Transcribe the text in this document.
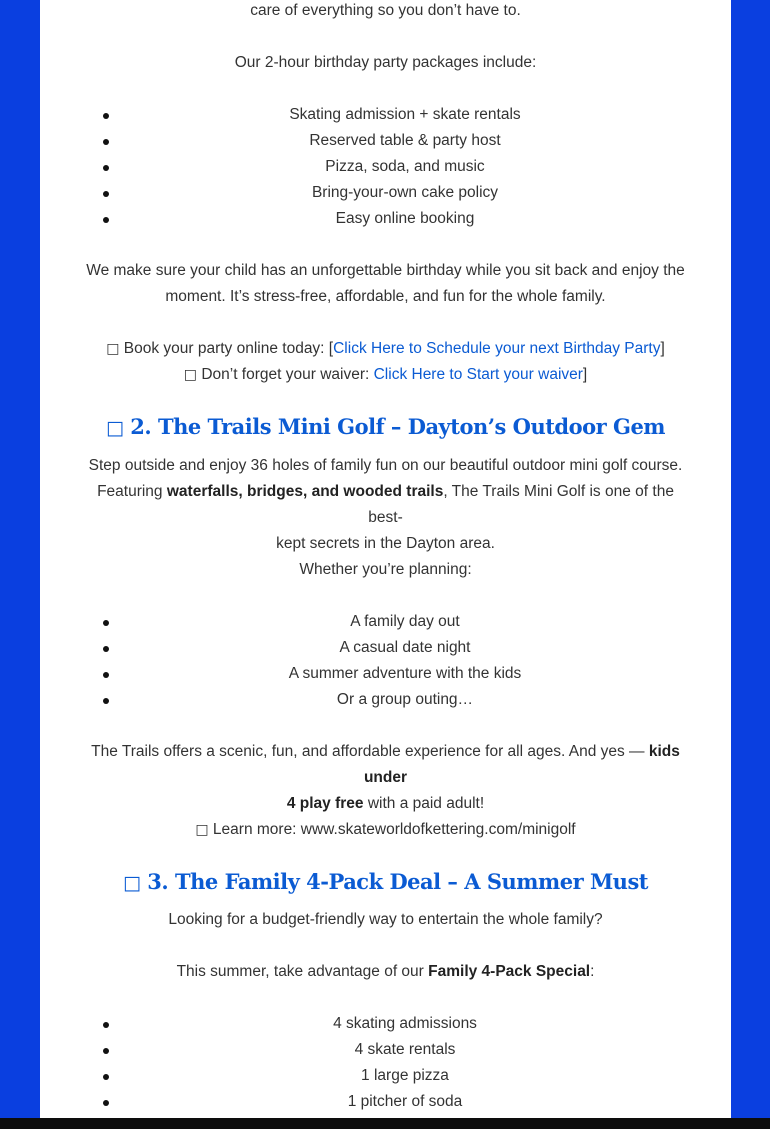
care of everything so you don’t have to.

Our 2-hour birthday party packages include:

Skating admission + skate rentals
Reserved table & party host
Pizza, soda, and music
Bring-your-own cake policy
Easy online booking

We make sure your child has an unforgettable birthday while you sit back and enjoy the
moment. It’s stress-free, affordable, and fun for the whole family.

□ Book your party online today: [Click Here to Schedule your next Birthday Party]
□ Don’t forget your waiver: Click Here to Start your waiver]

□ 2. The Trails Mini Golf – Dayton’s Outdoor Gem

Step outside and enjoy 36 holes of family fun on our beautiful outdoor mini golf course.
Featuring waterfalls, bridges, and wooded trails, The Trails Mini Golf is one of the best-
kept secrets in the Dayton area.

Whether you’re planning:

A family day out
A casual date night
A summer adventure with the kids
Or a group outing…

The Trails offers a scenic, fun, and affordable experience for all ages. And yes — kids under
4 play free with a paid adult!

□ Learn more: www.skateworldofkettering.com/minigolf

□ 3. The Family 4-Pack Deal – A Summer Must

Looking for a budget-friendly way to entertain the whole family?

This summer, take advantage of our Family 4-Pack Special:

4 skating admissions
4 skate rentals
1 large pizza
1 pitcher of soda
